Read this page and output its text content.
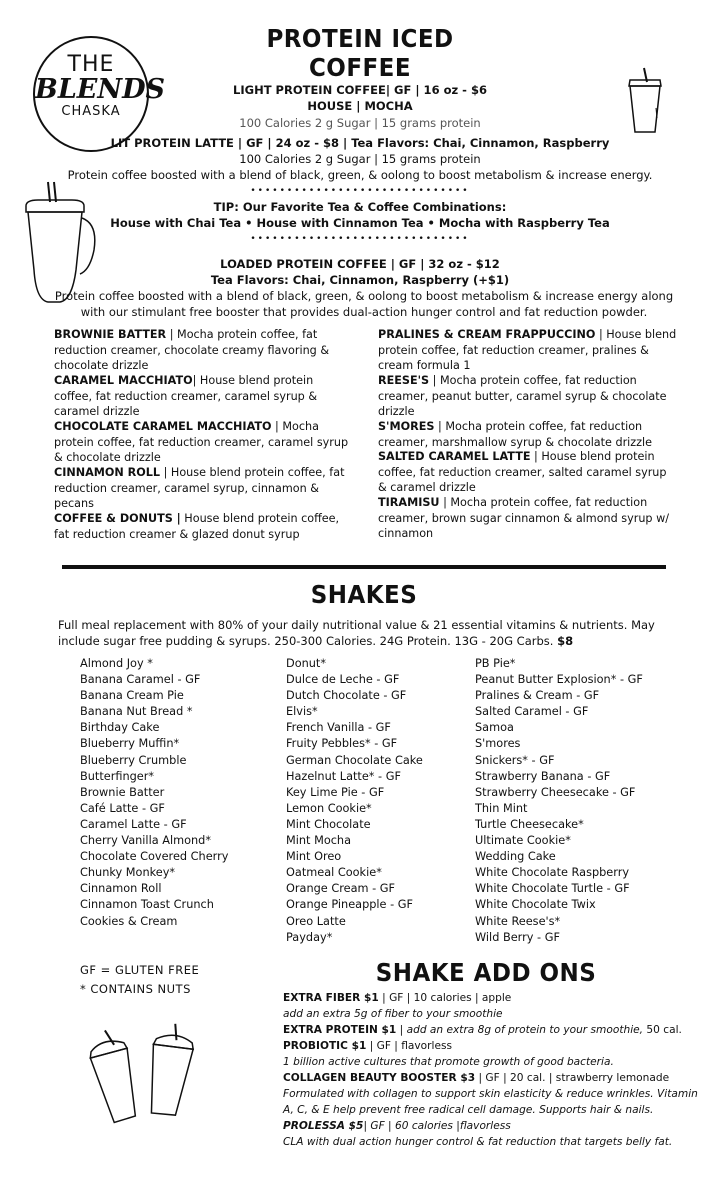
THE
BLENDS
CHASKA
PROTEIN ICED COFFEE
LIGHT PROTEIN COFFEE| GF | 16 oz - $6
HOUSE | MOCHA
100 Calories 2 g Sugar | 15 grams protein
LIT PROTEIN LATTE | GF | 24 oz - $8 | Tea Flavors: Chai, Cinnamon, Raspberry
100 Calories 2 g Sugar | 15 grams protein
Protein coffee boosted with a blend of black, green, & oolong to boost metabolism & increase energy.
••••••••••••••••••••••••••••••
TIP: Our Favorite Tea & Coffee Combinations:
House with Chai Tea • House with Cinnamon Tea • Mocha with Raspberry Tea
••••••••••••••••••••••••••••••
LOADED PROTEIN COFFEE | GF | 32 oz - $12
Tea Flavors: Chai, Cinnamon, Raspberry (+$1)
Protein coffee boosted with a blend of black, green, & oolong to boost metabolism & increase energy along
with our stimulant free booster that provides dual-action hunger control and fat reduction powder.
BROWNIE BATTER | Mocha protein coffee, fat reduction creamer, chocolate creamy flavoring & chocolate drizzle
CARAMEL MACCHIATO| House blend protein coffee, fat reduction creamer, caramel syrup & caramel drizzle
CHOCOLATE CARAMEL MACCHIATO | Mocha protein coffee, fat reduction creamer, caramel syrup & chocolate drizzle
CINNAMON ROLL | House blend protein coffee, fat reduction creamer, caramel syrup, cinnamon & pecans
COFFEE & DONUTS | House blend protein coffee, fat reduction creamer & glazed donut syrup
PRALINES & CREAM FRAPPUCCINO | House blend protein coffee, fat reduction creamer, pralines & cream formula 1
REESE'S | Mocha protein coffee, fat reduction creamer, peanut butter, caramel syrup & chocolate drizzle
S'MORES | Mocha protein coffee, fat reduction creamer, marshmallow syrup & chocolate drizzle
SALTED CARAMEL LATTE | House blend protein coffee, fat reduction creamer, salted caramel syrup & caramel drizzle
TIRAMISU | Mocha protein coffee, fat reduction creamer, brown sugar cinnamon & almond syrup w/ cinnamon
SHAKES
Full meal replacement with 80% of your daily nutritional value & 21 essential vitamins & nutrients. May
include sugar free pudding & syrups. 250-300 Calories. 24G Protein. 13G - 20G Carbs. $8
Almond Joy *
Banana Caramel - GF
Banana Cream Pie
Banana Nut Bread *
Birthday Cake
Blueberry Muffin*
Blueberry Crumble
Butterfinger*
Brownie Batter
Café Latte - GF
Caramel Latte - GF
Cherry Vanilla Almond*
Chocolate Covered Cherry
Chunky Monkey*
Cinnamon Roll
Cinnamon Toast Crunch
Cookies & Cream
Donut*
Dulce de Leche - GF
Dutch Chocolate - GF
Elvis*
French Vanilla - GF
Fruity Pebbles* - GF
German Chocolate Cake
Hazelnut Latte* - GF
Key Lime Pie - GF
Lemon Cookie*
Mint Chocolate
Mint Mocha
Mint Oreo
Oatmeal Cookie*
Orange Cream - GF
Orange Pineapple - GF
Oreo Latte
Payday*
PB Pie*
Peanut Butter Explosion* - GF
Pralines & Cream - GF
Salted Caramel - GF
Samoa
S'mores
Snickers* - GF
Strawberry Banana - GF
Strawberry Cheesecake - GF
Thin Mint
Turtle Cheesecake*
Ultimate Cookie*
Wedding Cake
White Chocolate Raspberry
White Chocolate Turtle - GF
White Chocolate Twix
White Reese's*
Wild Berry - GF
GF = GLUTEN FREE
* CONTAINS NUTS
SHAKE ADD ONS
EXTRA FIBER $1 | GF | 10 calories | apple
add an extra 5g of fiber to your smoothie
EXTRA PROTEIN $1 | add an extra 8g of protein to your smoothie, 50 cal.
PROBIOTIC $1 | GF | flavorless
1 billion active cultures that promote growth of good bacteria.
COLLAGEN BEAUTY BOOSTER $3 | GF | 20 cal. | strawberry lemonade
Formulated with collagen to support skin elasticity & reduce wrinkles. Vitamin
A, C, & E help prevent free radical cell damage. Supports hair & nails.
PROLESSA $5| GF | 60 calories |flavorless
CLA with dual action hunger control & fat reduction that targets belly fat.
